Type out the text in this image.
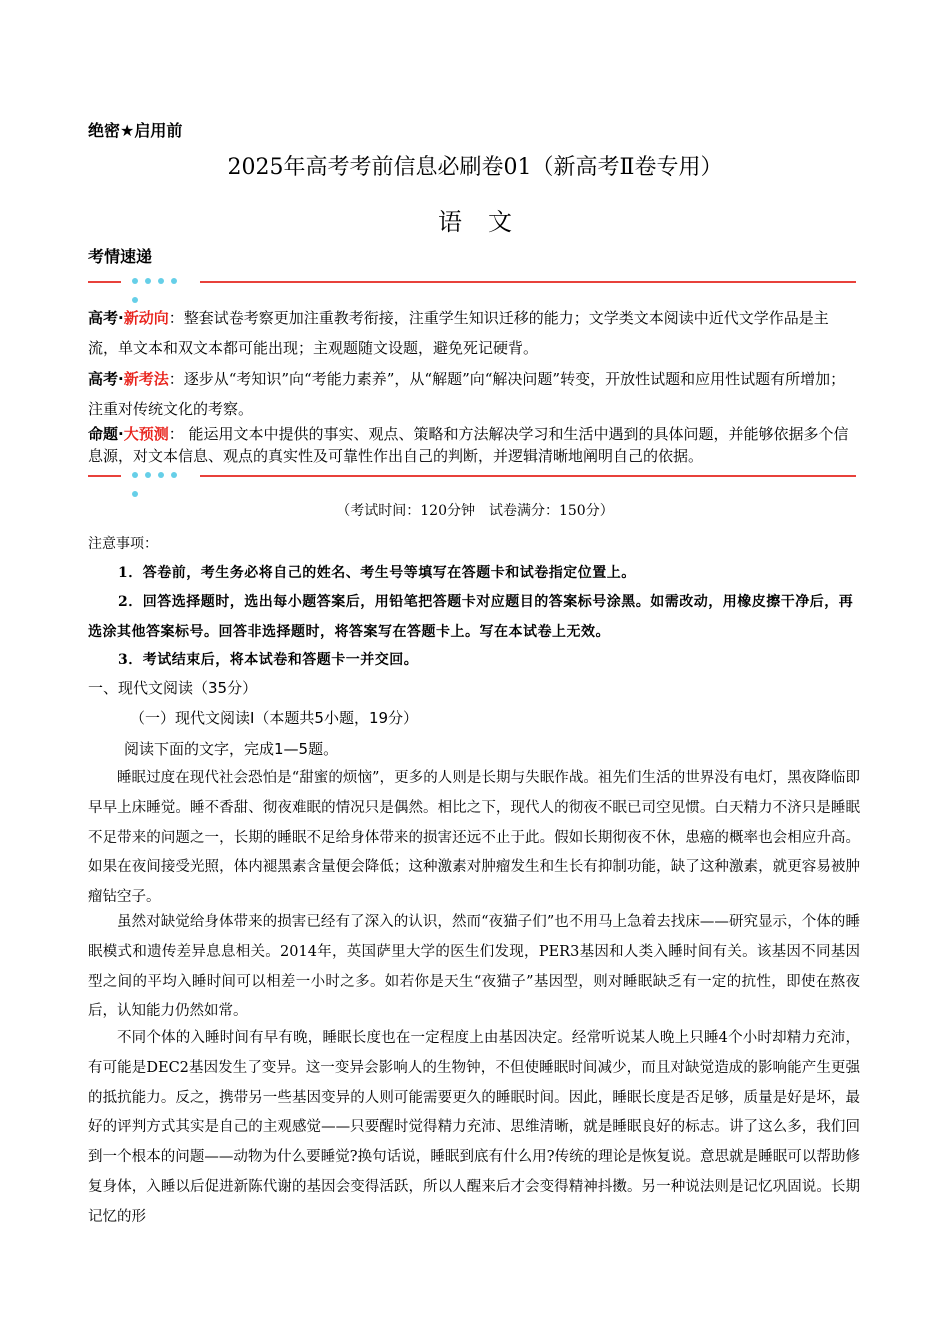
绝密★启用前
2025年高考考前信息必刷卷01（新高考Ⅱ卷专用）
语文
考情速递
高考·新动向：整套试卷考察更加注重教考衔接，注重学生知识迁移的能力；文学类文本阅读中近代文学作品是主流，单文本和双文本都可能出现；主观题随文设题，避免死记硬背。
高考·新考法：逐步从“考知识”向“考能力素养”，从“解题”向“解决问题”转变，开放性试题和应用性试题有所增加；注重对传统文化的考察。
命题·大预测： 能运用文本中提供的事实、观点、策略和方法解决学习和生活中遇到的具体问题，并能够依据多个信息源，对文本信息、观点的真实性及可靠性作出自己的判断，并逻辑清晰地阐明自己的依据。
（考试时间：120分钟　试卷满分：150分）
注意事项：
1．答卷前，考生务必将自己的姓名、考生号等填写在答题卡和试卷指定位置上。
2．回答选择题时，选出每小题答案后，用铅笔把答题卡对应题目的答案标号涂黑。如需改动，用橡皮擦干净后，再选涂其他答案标号。回答非选择题时，将答案写在答题卡上。写在本试卷上无效。
3．考试结束后，将本试卷和答题卡一并交回。
一、现代文阅读（35分）
（一）现代文阅读Ⅰ（本题共5小题，19分）
阅读下面的文字，完成1—5题。
睡眠过度在现代社会恐怕是“甜蜜的烦恼”，更多的人则是长期与失眠作战。祖先们生活的世界没有电灯，黑夜降临即早早上床睡觉。睡不香甜、彻夜难眠的情况只是偶然。相比之下，现代人的彻夜不眠已司空见惯。白天精力不济只是睡眠不足带来的问题之一，长期的睡眠不足给身体带来的损害还远不止于此。假如长期彻夜不休，患癌的概率也会相应升高。如果在夜间接受光照，体内褪黑素含量便会降低；这种激素对肿瘤发生和生长有抑制功能，缺了这种激素，就更容易被肿瘤钻空子。
虽然对缺觉给身体带来的损害已经有了深入的认识，然而“夜猫子们”也不用马上急着去找床——研究显示，个体的睡眠模式和遗传差异息息相关。2014年，英国萨里大学的医生们发现，PER3基因和人类入睡时间有关。该基因不同基因型之间的平均入睡时间可以相差一小时之多。如若你是天生“夜猫子”基因型，则对睡眠缺乏有一定的抗性，即使在熬夜后，认知能力仍然如常。
不同个体的入睡时间有早有晚，睡眠长度也在一定程度上由基因决定。经常听说某人晚上只睡4个小时却精力充沛，有可能是DEC2基因发生了变异。这一变异会影响人的生物钟，不但使睡眠时间减少，而且对缺觉造成的影响能产生更强的抵抗能力。反之，携带另一些基因变异的人则可能需要更久的睡眠时间。因此，睡眠长度是否足够，质量是好是坏，最好的评判方式其实是自己的主观感觉——只要醒时觉得精力充沛、思维清晰，就是睡眠良好的标志。讲了这么多，我们回到一个根本的问题——动物为什么要睡觉?换句话说，睡眠到底有什么用?传统的理论是恢复说。意思就是睡眠可以帮助修复身体，入睡以后促进新陈代谢的基因会变得活跃，所以人醒来后才会变得精神抖擞。另一种说法则是记忆巩固说。长期记忆的形
